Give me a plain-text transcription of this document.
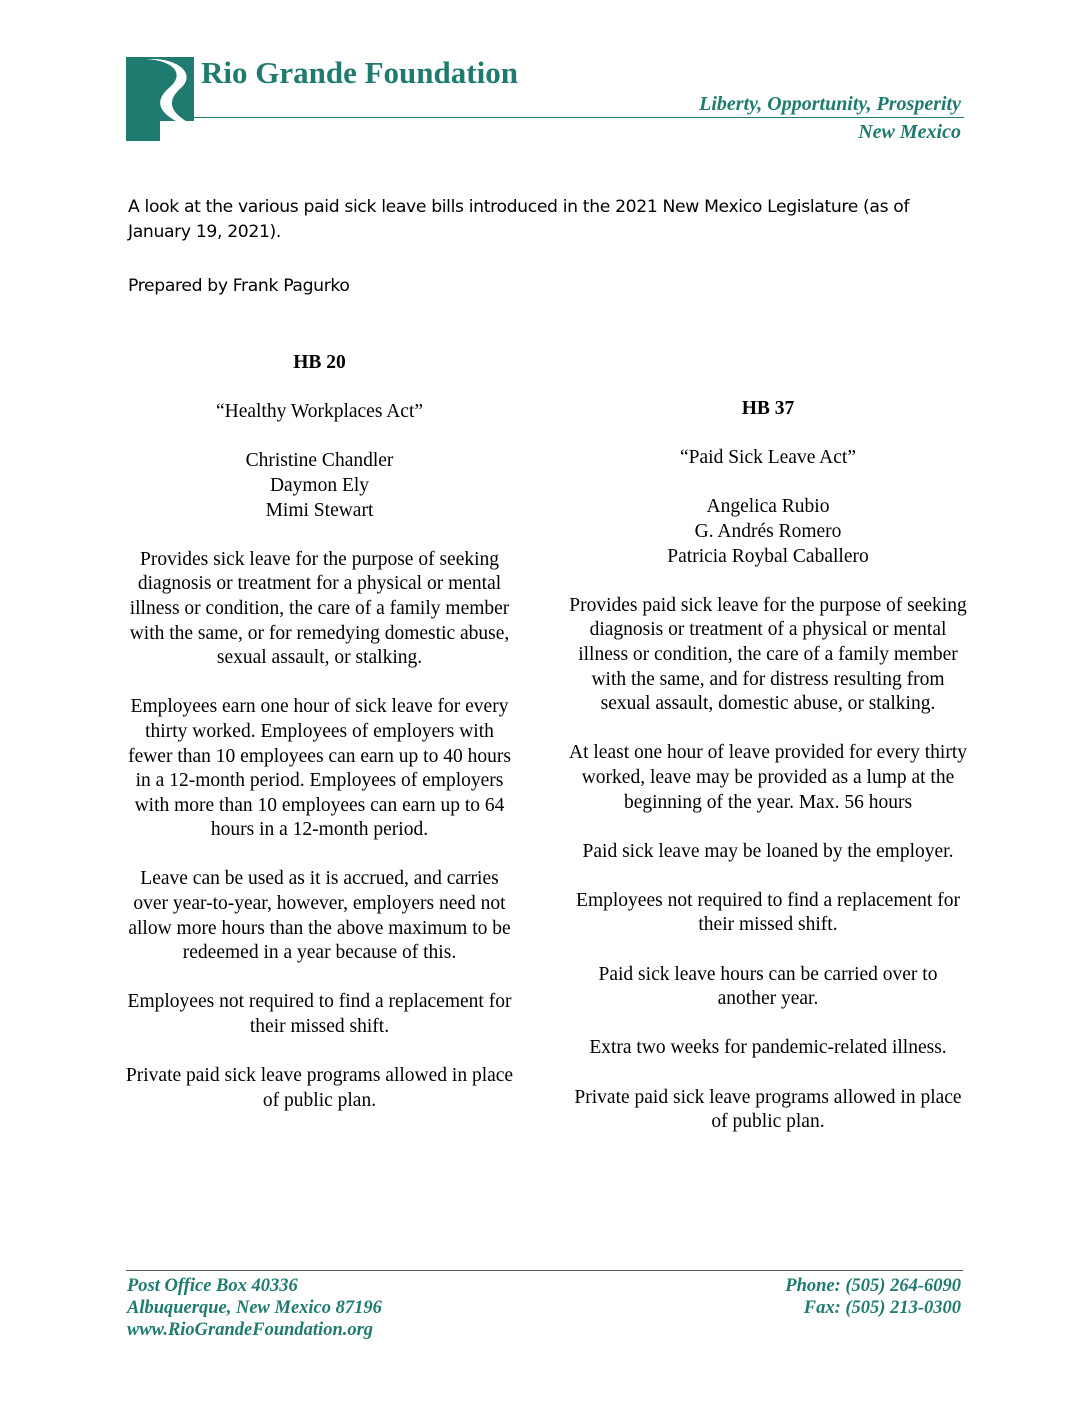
Rio Grande Foundation
Liberty, Opportunity, Prosperity
New Mexico

A look at the various paid sick leave bills introduced in the 2021 New Mexico Legislature (as of January 19, 2021).

Prepared by Frank Pagurko

HB 20

“Healthy Workplaces Act”

Christine Chandler
Daymon Ely
Mimi Stewart

Provides sick leave for the purpose of seeking diagnosis or treatment for a physical or mental illness or condition, the care of a family member with the same, or for remedying domestic abuse, sexual assault, or stalking.

Employees earn one hour of sick leave for every thirty worked. Employees of employers with fewer than 10 employees can earn up to 40 hours in a 12-month period. Employees of employers with more than 10 employees can earn up to 64 hours in a 12-month period.

Leave can be used as it is accrued, and carries over year-to-year, however, employers need not allow more hours than the above maximum to be redeemed in a year because of this.

Employees not required to find a replacement for their missed shift.

Private paid sick leave programs allowed in place of public plan.

HB 37

“Paid Sick Leave Act”

Angelica Rubio
G. Andrés Romero
Patricia Roybal Caballero

Provides paid sick leave for the purpose of seeking diagnosis or treatment of a physical or mental illness or condition, the care of a family member with the same, and for distress resulting from sexual assault, domestic abuse, or stalking.

At least one hour of leave provided for every thirty worked, leave may be provided as a lump at the beginning of the year. Max. 56 hours

Paid sick leave may be loaned by the employer.

Employees not required to find a replacement for their missed shift.

Paid sick leave hours can be carried over to another year.

Extra two weeks for pandemic-related illness.

Private paid sick leave programs allowed in place of public plan.

Post Office Box 40336
Albuquerque, New Mexico 87196
www.RioGrandeFoundation.org
Phone: (505) 264-6090
Fax: (505) 213-0300
